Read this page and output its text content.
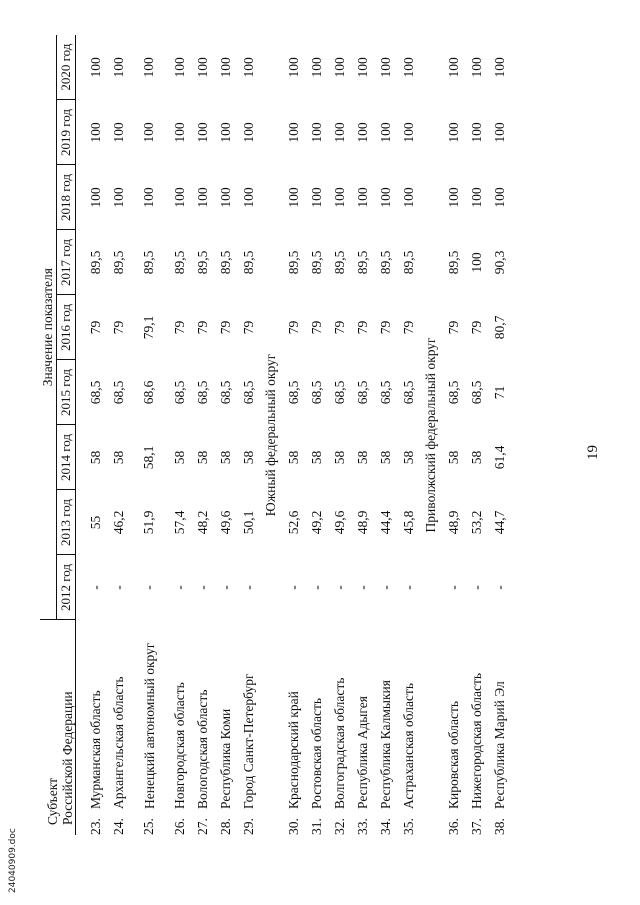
Субъект Российской Федерации		Значение показателя								
		2012 год	2013 год	2014 год	2015 год	2016 год	2017 год	2018 год	2019 год	2020 год

23.	Мурманская область	-	55	58	68,5	79	89,5	100	100	100
24.	Архангельская область	-	46,2	58	68,5	79	89,5	100	100	100
25.	Ненецкий автономный округ	-	51,9	58,1	68,6	79,1	89,5	100	100	100
26.	Новгородская область	-	57,4	58	68,5	79	89,5	100	100	100
27.	Вологодская область	-	48,2	58	68,5	79	89,5	100	100	100
28.	Республика Коми	-	49,6	58	68,5	79	89,5	100	100	100
29.	Город Санкт-Петербург	-	50,1	58	68,5	79	89,5	100	100	100
Южный федеральный округ										
30.	Краснодарский край	-	52,6	58	68,5	79	89,5	100	100	100
31.	Ростовская область	-	49,2	58	68,5	79	89,5	100	100	100
32.	Волгоградская область	-	49,6	58	68,5	79	89,5	100	100	100
33.	Республика Адыгея	-	48,9	58	68,5	79	89,5	100	100	100
34.	Республика Калмыкия	-	44,4	58	68,5	79	89,5	100	100	100
35.	Астраханская область	-	45,8	58	68,5	79	89,5	100	100	100
Приволжский федеральный округ										
36.	Кировская область	-	48,9	58	68,5	79	89,5	100	100	100
37.	Нижегородская область	-	53,2	58	68,5	79	100	100	100	100
38.	Республика Марий Эл	-	44,7	61,4	71	80,7	90,3	100	100	100
19
24040909.doc
